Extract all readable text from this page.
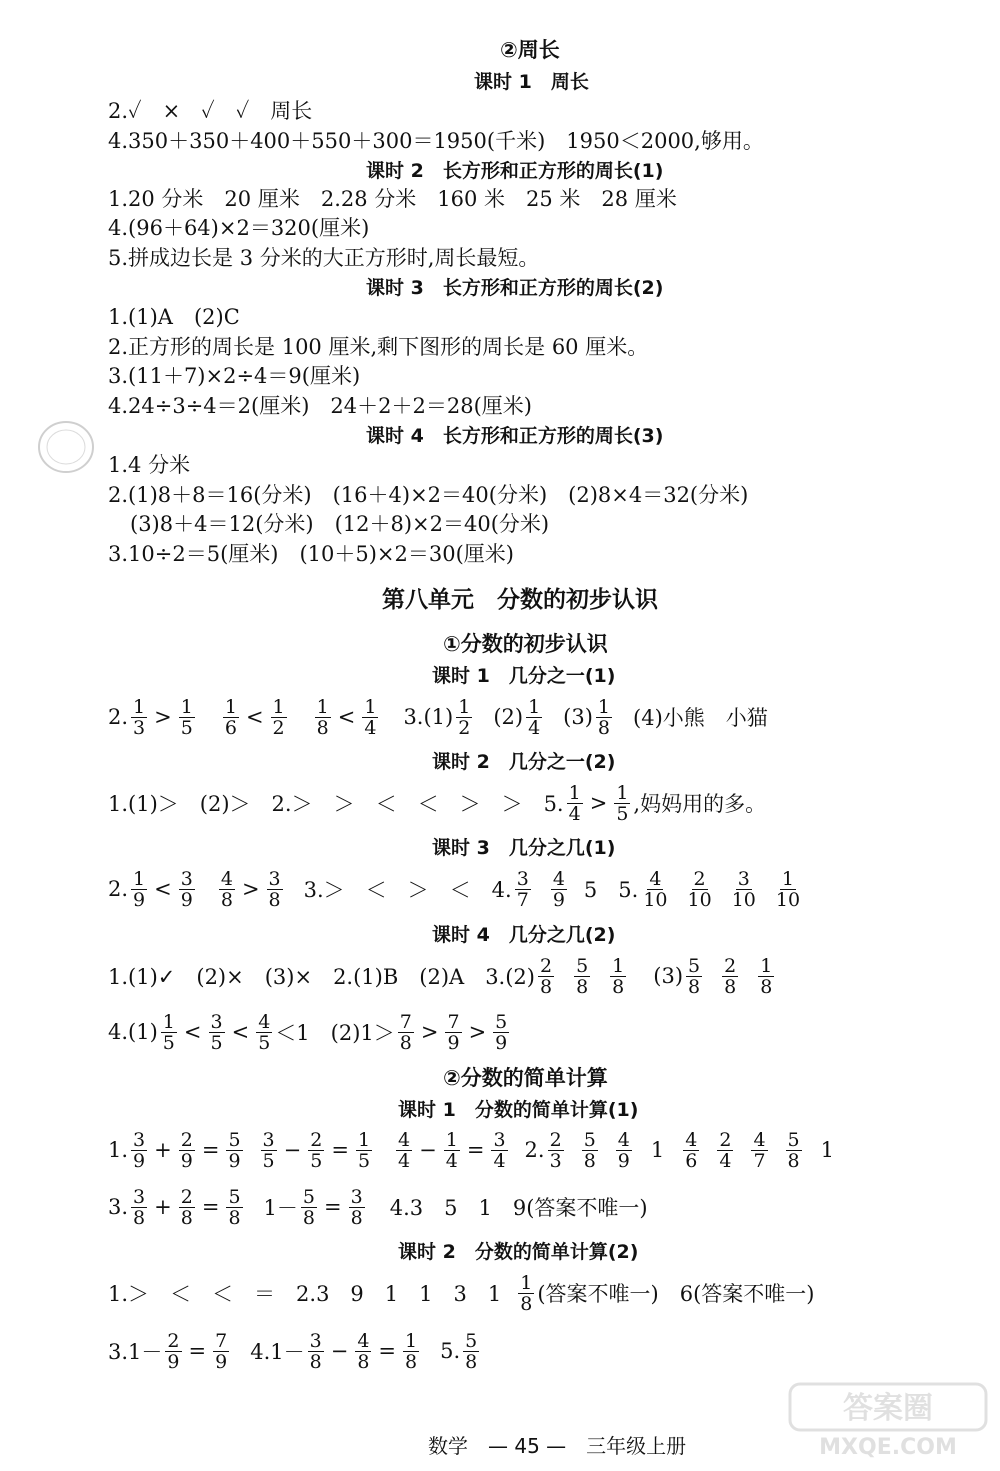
②周长
课时 1　周长
2.✓　×　✓　✓　周长
4.350＋350＋400＋550＋300＝1950(千米)　1950＜2000,够用。
课时 2　长方形和正方形的周长(1)
1.20 分米　20 厘米　2.28 分米　160 米　25 米　28 厘米
4.(96＋64)×2＝320(厘米)
5.拼成边长是 3 分米的大正方形时,周长最短。
课时 3　长方形和正方形的周长(2)
1.(1)A　(2)C
2.正方形的周长是 100 厘米,剩下图形的周长是 60 厘米。
3.(11＋7)×2÷4＝9(厘米)
4.24÷3÷4＝2(厘米)　24＋2＋2＝28(厘米)
课时 4　长方形和正方形的周长(3)
1.4 分米
2.(1)8＋8＝16(分米)　(16＋4)×2＝40(分米)　(2)8×4＝32(分米)
(3)8＋4＝12(分米)　(12＋8)×2＝40(分米)
3.10÷2＝5(厘米)　(10＋5)×2＝30(厘米)
第八单元　分数的初步认识
①分数的初步认识
课时 1　几分之一(1)
2. $\frac{1}{3} > \frac{1}{5} \frac{1}{6} < \frac{1}{2} \frac{1}{8} < \frac{1}{4} 3.(1) \frac{1}{2} (2) \frac{1}{4} (3) \frac{1}{8} (4)$小熊　小猫
课时 2　几分之一(2)
1.(1)＞　(2)＞　2.＞　＞　＜　＜　＞　＞　5. $\frac{1}{4} > \frac{1}{5}$ ,妈妈用的多。
课时 3　几分之几(1)
2. $\frac{1}{9} < \frac{3}{9} \frac{4}{8} > \frac{3}{8} 3.>$　＜　＞　＜　4. $\frac{3}{7} \frac{4}{9} 5$　5. $\frac{4}{10} \frac{2}{10} \frac{3}{10} \frac{1}{10}$
课时 4　几分之几(2)
1.(1)✓　(2)×　(3)×　2.(1)B　(2)A　$3.(2) \frac{2}{8} \frac{5}{8} \frac{1}{8} (3) \frac{5}{8} \frac{2}{8} \frac{1}{8}$
$4.(1) \frac{1}{5} < \frac{3}{5} < \frac{4}{5} <1$　$(2)1> \frac{7}{8} > \frac{7}{9} > \frac{5}{9}$
②分数的简单计算
课时 1　分数的简单计算(1)
1. $\frac{3}{9} + \frac{2}{9} = \frac{5}{9} \frac{3}{5} - \frac{2}{5} = \frac{1}{5} \frac{4}{4} - \frac{1}{4} = \frac{3}{4} 2$. $\frac{2}{3} \frac{5}{8} \frac{4}{9} 1 \frac{4}{6} \frac{2}{4} \frac{4}{7} \frac{5}{8} 1$
3. $\frac{3}{8} + \frac{2}{8} = \frac{5}{8} 1- \frac{5}{8} = \frac{3}{8} 4.3$　5　1　9(答案不唯一)
课时 2　分数的简单计算(2)
1.＞　＜　＜　＝　2.3　9　1　1　3　$1 \frac{1}{8}$ (答案不唯一)　6(答案不唯一)
$3.1- \frac{2}{9} = \frac{7}{9} 4.1- \frac{3}{8} - \frac{4}{8} = \frac{1}{8} 5$. $\frac{5}{8}$
数学　— 45 —　三年级上册
答案圈
MXQE.COM
